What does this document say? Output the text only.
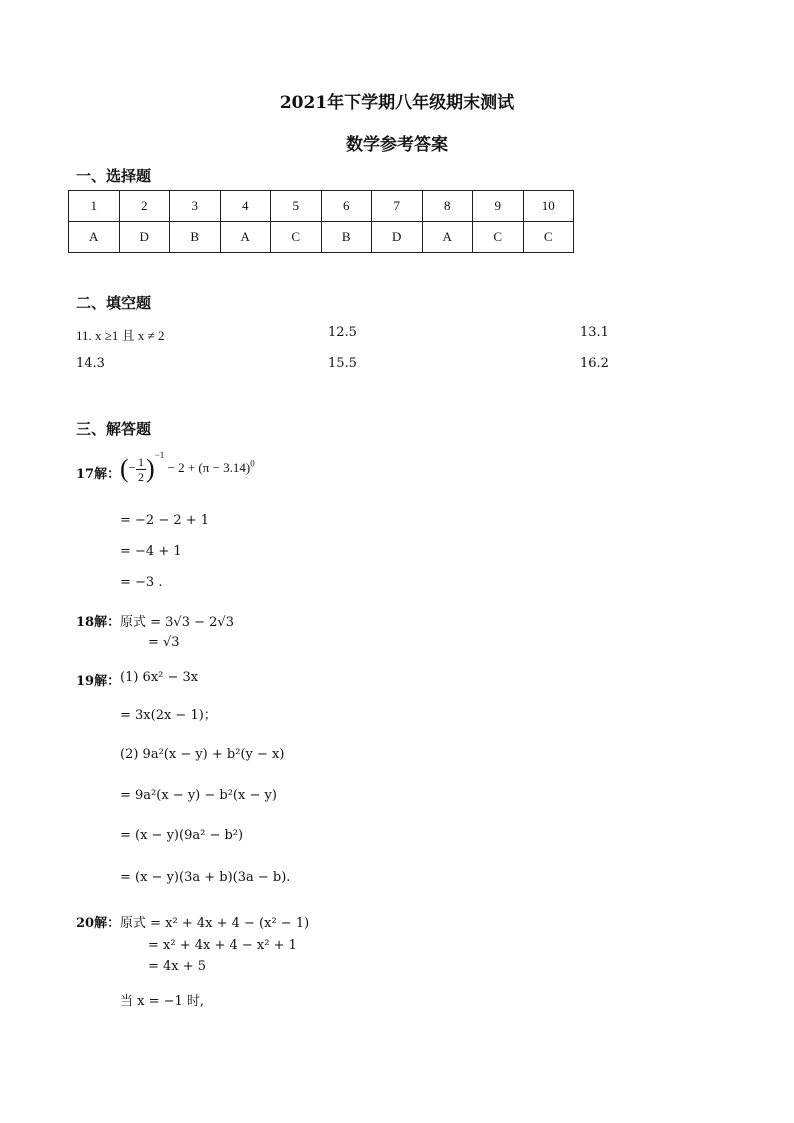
2021年下学期八年级期末测试
数学参考答案
一、选择题
1	2	3	4	5	6	7	8	9	10
A	D	B	A	C	B	D	A	C	C
二、填空题
11. x ≥1 且 x ≠ 2	12.5	13.1
14.3	15.5	16.2
三、解答题
17解： (− $\frac{1}{2} )^{-1} - 2 + (\pi - 3.14)^0$
= −2 − 2 + 1
= −4 + 1
= −3 .
18解： 原式 = 3√3 − 2√3
= √3
19解： (1) 6x² − 3x
= 3x(2x − 1)；
(2) 9a²(x − y) + b²(y − x)
= 9a²(x − y) − b²(x − y)
= (x − y)(9a² − b²)
= (x − y)(3a + b)(3a − b).
20解： 原式 = x² + 4x + 4 − (x² − 1)
= x² + 4x + 4 − x² + 1
= 4x + 5
当 x = −1 时,
